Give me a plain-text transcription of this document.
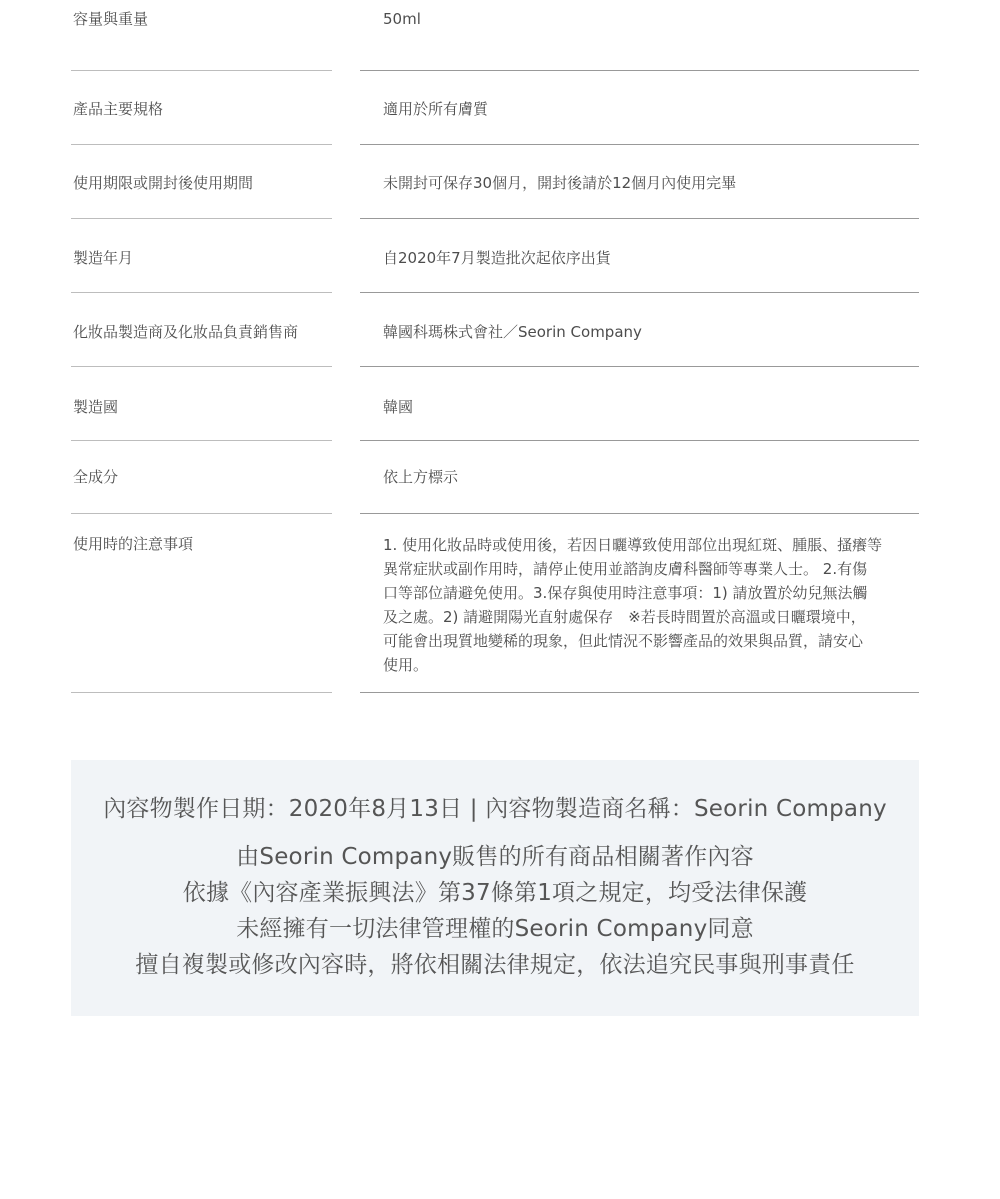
容量與重量	50ml
產品主要規格	適用於所有膚質
使用期限或開封後使用期間	未開封可保存30個月，開封後請於12個月內使用完畢
製造年月	自2020年7月製造批次起依序出貨
化妝品製造商及化妝品負責銷售商	韓國科瑪株式會社／Seorin Company
製造國	韓國
全成分	依上方標示
使用時的注意事項	1. 使用化妝品時或使用後，若因日曬導致使用部位出現紅斑、腫脹、搔癢等
異常症狀或副作用時，請停止使用並諮詢皮膚科醫師等專業人士。 2.有傷
口等部位請避免使用。3.保存與使用時注意事項：1) 請放置於幼兒無法觸
及之處。2) 請避開陽光直射處保存　※若長時間置於高溫或日曬環境中，
可能會出現質地變稀的現象，但此情況不影響產品的效果與品質，請安心
使用。
內容物製作日期：2020年8月13日 | 內容物製造商名稱：Seorin Company
由Seorin Company販售的所有商品相關著作內容
依據《內容產業振興法》第37條第1項之規定，均受法律保護
未經擁有一切法律管理權的Seorin Company同意
擅自複製或修改內容時，將依相關法律規定，依法追究民事與刑事責任
